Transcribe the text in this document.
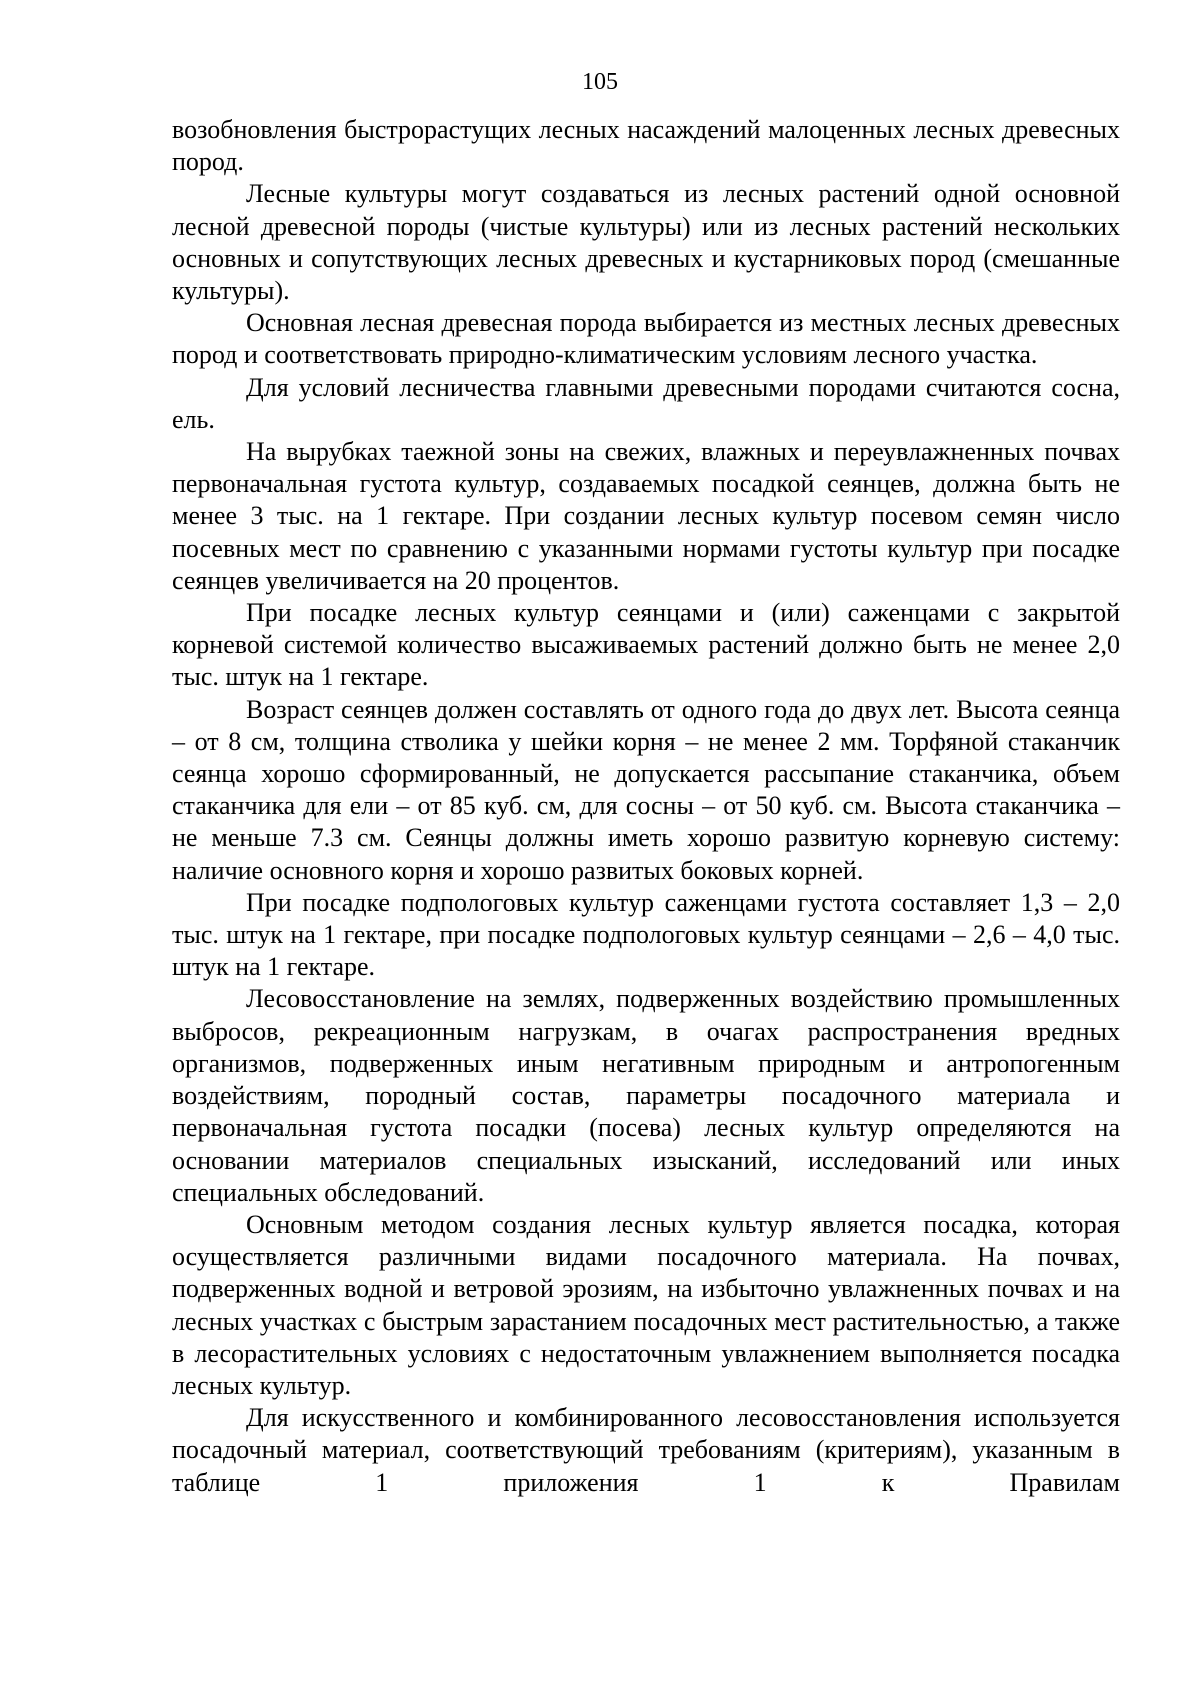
105

возобновления быстрорастущих лесных насаждений малоценных лесных древесных пород.

Лесные культуры могут создаваться из лесных растений одной основной лесной древесной породы (чистые культуры) или из лесных растений нескольких основных и сопутствующих лесных древесных и кустарниковых пород (смешанные культуры).

Основная лесная древесная порода выбирается из местных лесных древесных пород и соответствовать природно-климатическим условиям лесного участка.

Для условий лесничества главными древесными породами считаются сосна, ель.

На вырубках таежной зоны на свежих, влажных и переувлажненных почвах первоначальная густота культур, создаваемых посадкой сеянцев, должна быть не менее 3 тыс. на 1 гектаре. При создании лесных культур посевом семян число посевных мест по сравнению с указанными нормами густоты культур при посадке сеянцев увеличивается на 20 процентов.

При посадке лесных культур сеянцами и (или) саженцами с закрытой корневой системой количество высаживаемых растений должно быть не менее 2,0 тыс. штук на 1 гектаре.

Возраст сеянцев должен составлять от одного года до двух лет. Высота сеянца – от 8 см, толщина стволика у шейки корня – не менее 2 мм. Торфяной стаканчик сеянца хорошо сформированный, не допускается рассыпание стаканчика, объем стаканчика для ели – от 85 куб. см, для сосны – от 50 куб. см. Высота стаканчика – не меньше 7.3 см. Сеянцы должны иметь хорошо развитую корневую систему: наличие основного корня и хорошо развитых боковых корней.

При посадке подпологовых культур саженцами густота составляет 1,3 – 2,0 тыс. штук на 1 гектаре, при посадке подпологовых культур сеянцами – 2,6 – 4,0 тыс. штук на 1 гектаре.

Лесовосстановление на землях, подверженных воздействию промышленных выбросов, рекреационным нагрузкам, в очагах распространения вредных организмов, подверженных иным негативным природным и антропогенным воздействиям, породный состав, параметры посадочного материала и первоначальная густота посадки (посева) лесных культур определяются на основании материалов специальных изысканий, исследований или иных специальных обследований.

Основным методом создания лесных культур является посадка, которая осуществляется различными видами посадочного материала. На почвах, подверженных водной и ветровой эрозиям, на избыточно увлажненных почвах и на лесных участках с быстрым зарастанием посадочных мест растительностью, а также в лесорастительных условиях с недостаточным увлажнением выполняется посадка лесных культур.

Для искусственного и комбинированного лесовосстановления используется посадочный материал, соответствующий требованиям (критериям), указанным в таблице 1 приложения 1 к Правилам
